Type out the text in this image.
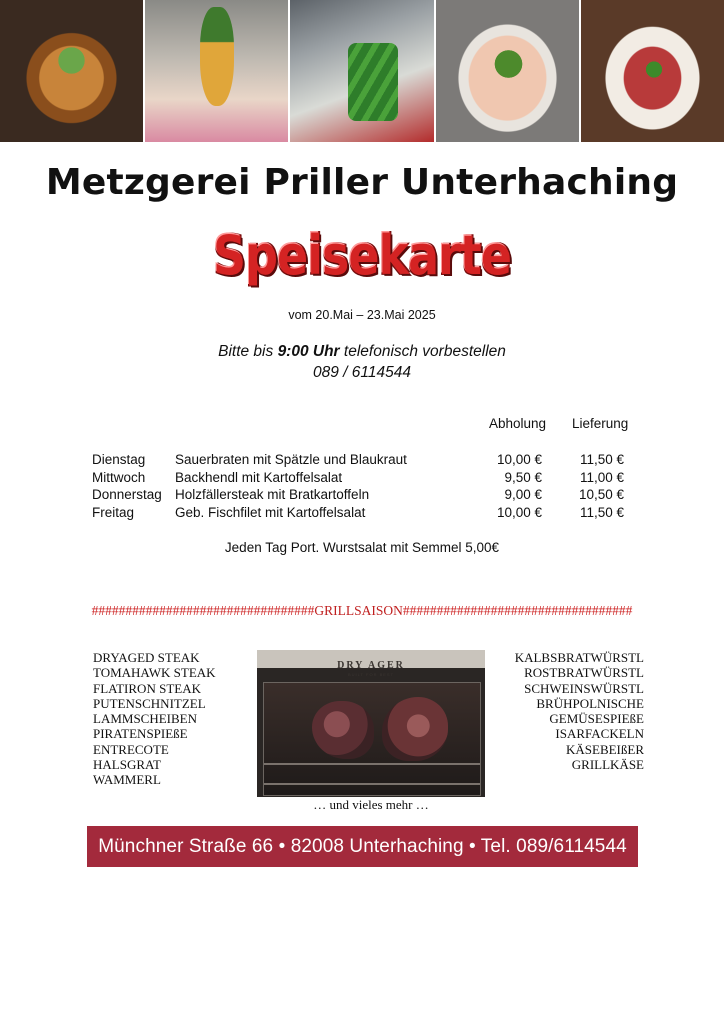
Metzgerei Priller Unterhaching
Speisekarte
vom 20.Mai – 23.Mai 2025
Bitte bis 9:00 Uhr telefonisch vorbestellen
089 / 6114544
Abholung Lieferung
Dienstag Sauerbraten mit Spätzle und Blaukraut	10,00 €	11,50 €
Mittwoch Backhendl mit Kartoffelsalat	9,50 €	11,00 €
Donnerstag Holzfällersteak mit Bratkartoffeln	9,00 €	10,50 €
Freitag	Geb. Fischfilet mit Kartoffelsalat	10,00 €	11,50 €
Jeden Tag Port. Wurstsalat mit Semmel 5,00€
#################################GRILLSAISON##################################
DRYAGED STEAK
TOMAHAWK STEAK
FLATIRON STEAK
PUTENSCHNITZEL
LAMMSCHEIBEN
PIRATENSPIEßE
ENTRECOTE
HALSGRAT
WAMMERL
DRY AGER
BUILT FOR BEST
KALBSBRATWÜRSTL
ROSTBRATWÜRSTL
SCHWEINSWÜRSTL
BRÜHPOLNISCHE
GEMÜSESPIEßE
ISARFACKELN
KÄSEBEIßER
GRILLKÄSE
… und vieles mehr …
Münchner Straße 66 • 82008 Unterhaching • Tel. 089/6114544
